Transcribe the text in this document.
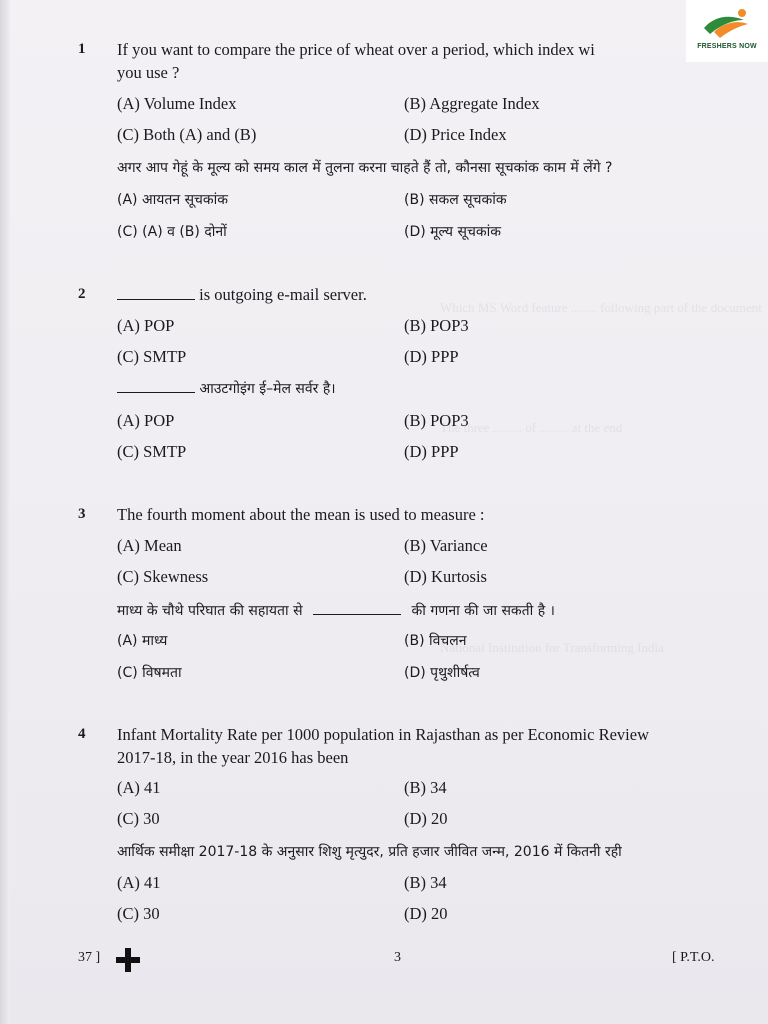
Which MS Word feature ........ following part of the document
The three ......... of ......... at the end
National Institution for Transforming India
FRESHERS NOW
1 If you want to compare the price of wheat over a period, which index wi
you use ?
(A) Volume Index	(B) Aggregate Index
(C) Both (A) and (B)	(D) Price Index
अगर आप गेहूं के मूल्य को समय काल में तुलना करना चाहते हैं तो, कौनसा सूचकांक काम में लेंगे ?
(A) आयतन सूचकांक	(B) सकल सूचकांक
(C) (A) व (B) दोनों	(D) मूल्य सूचकांक
2	is outgoing e-mail server.
(A) POP	(B) POP3
(C) SMTP	(D) PPP
आउटगोइंग ई–मेल सर्वर है।
(A) POP	(B) POP3
(C) SMTP	(D) PPP
3 The fourth moment about the mean is used to measure :
(A) Mean	(B) Variance
(C) Skewness	(D) Kurtosis
माध्य के चौथे परिघात की सहायता से	की गणना की जा सकती है ।
(A) माध्य	(B) विचलन
(C) विषमता	(D) पृथुशीर्षत्व
4 Infant Mortality Rate per 1000 population in Rajasthan as per Economic Review
2017-18, in the year 2016 has been
(A) 41	(B) 34
(C) 30	(D) 20
आर्थिक समीक्षा 2017-18 के अनुसार शिशु मृत्युदर, प्रति हजार जीवित जन्म, 2016 में कितनी रही
(A) 41	(B) 34
(C) 30	(D) 20
37 ]	3	[ P.T.O.
